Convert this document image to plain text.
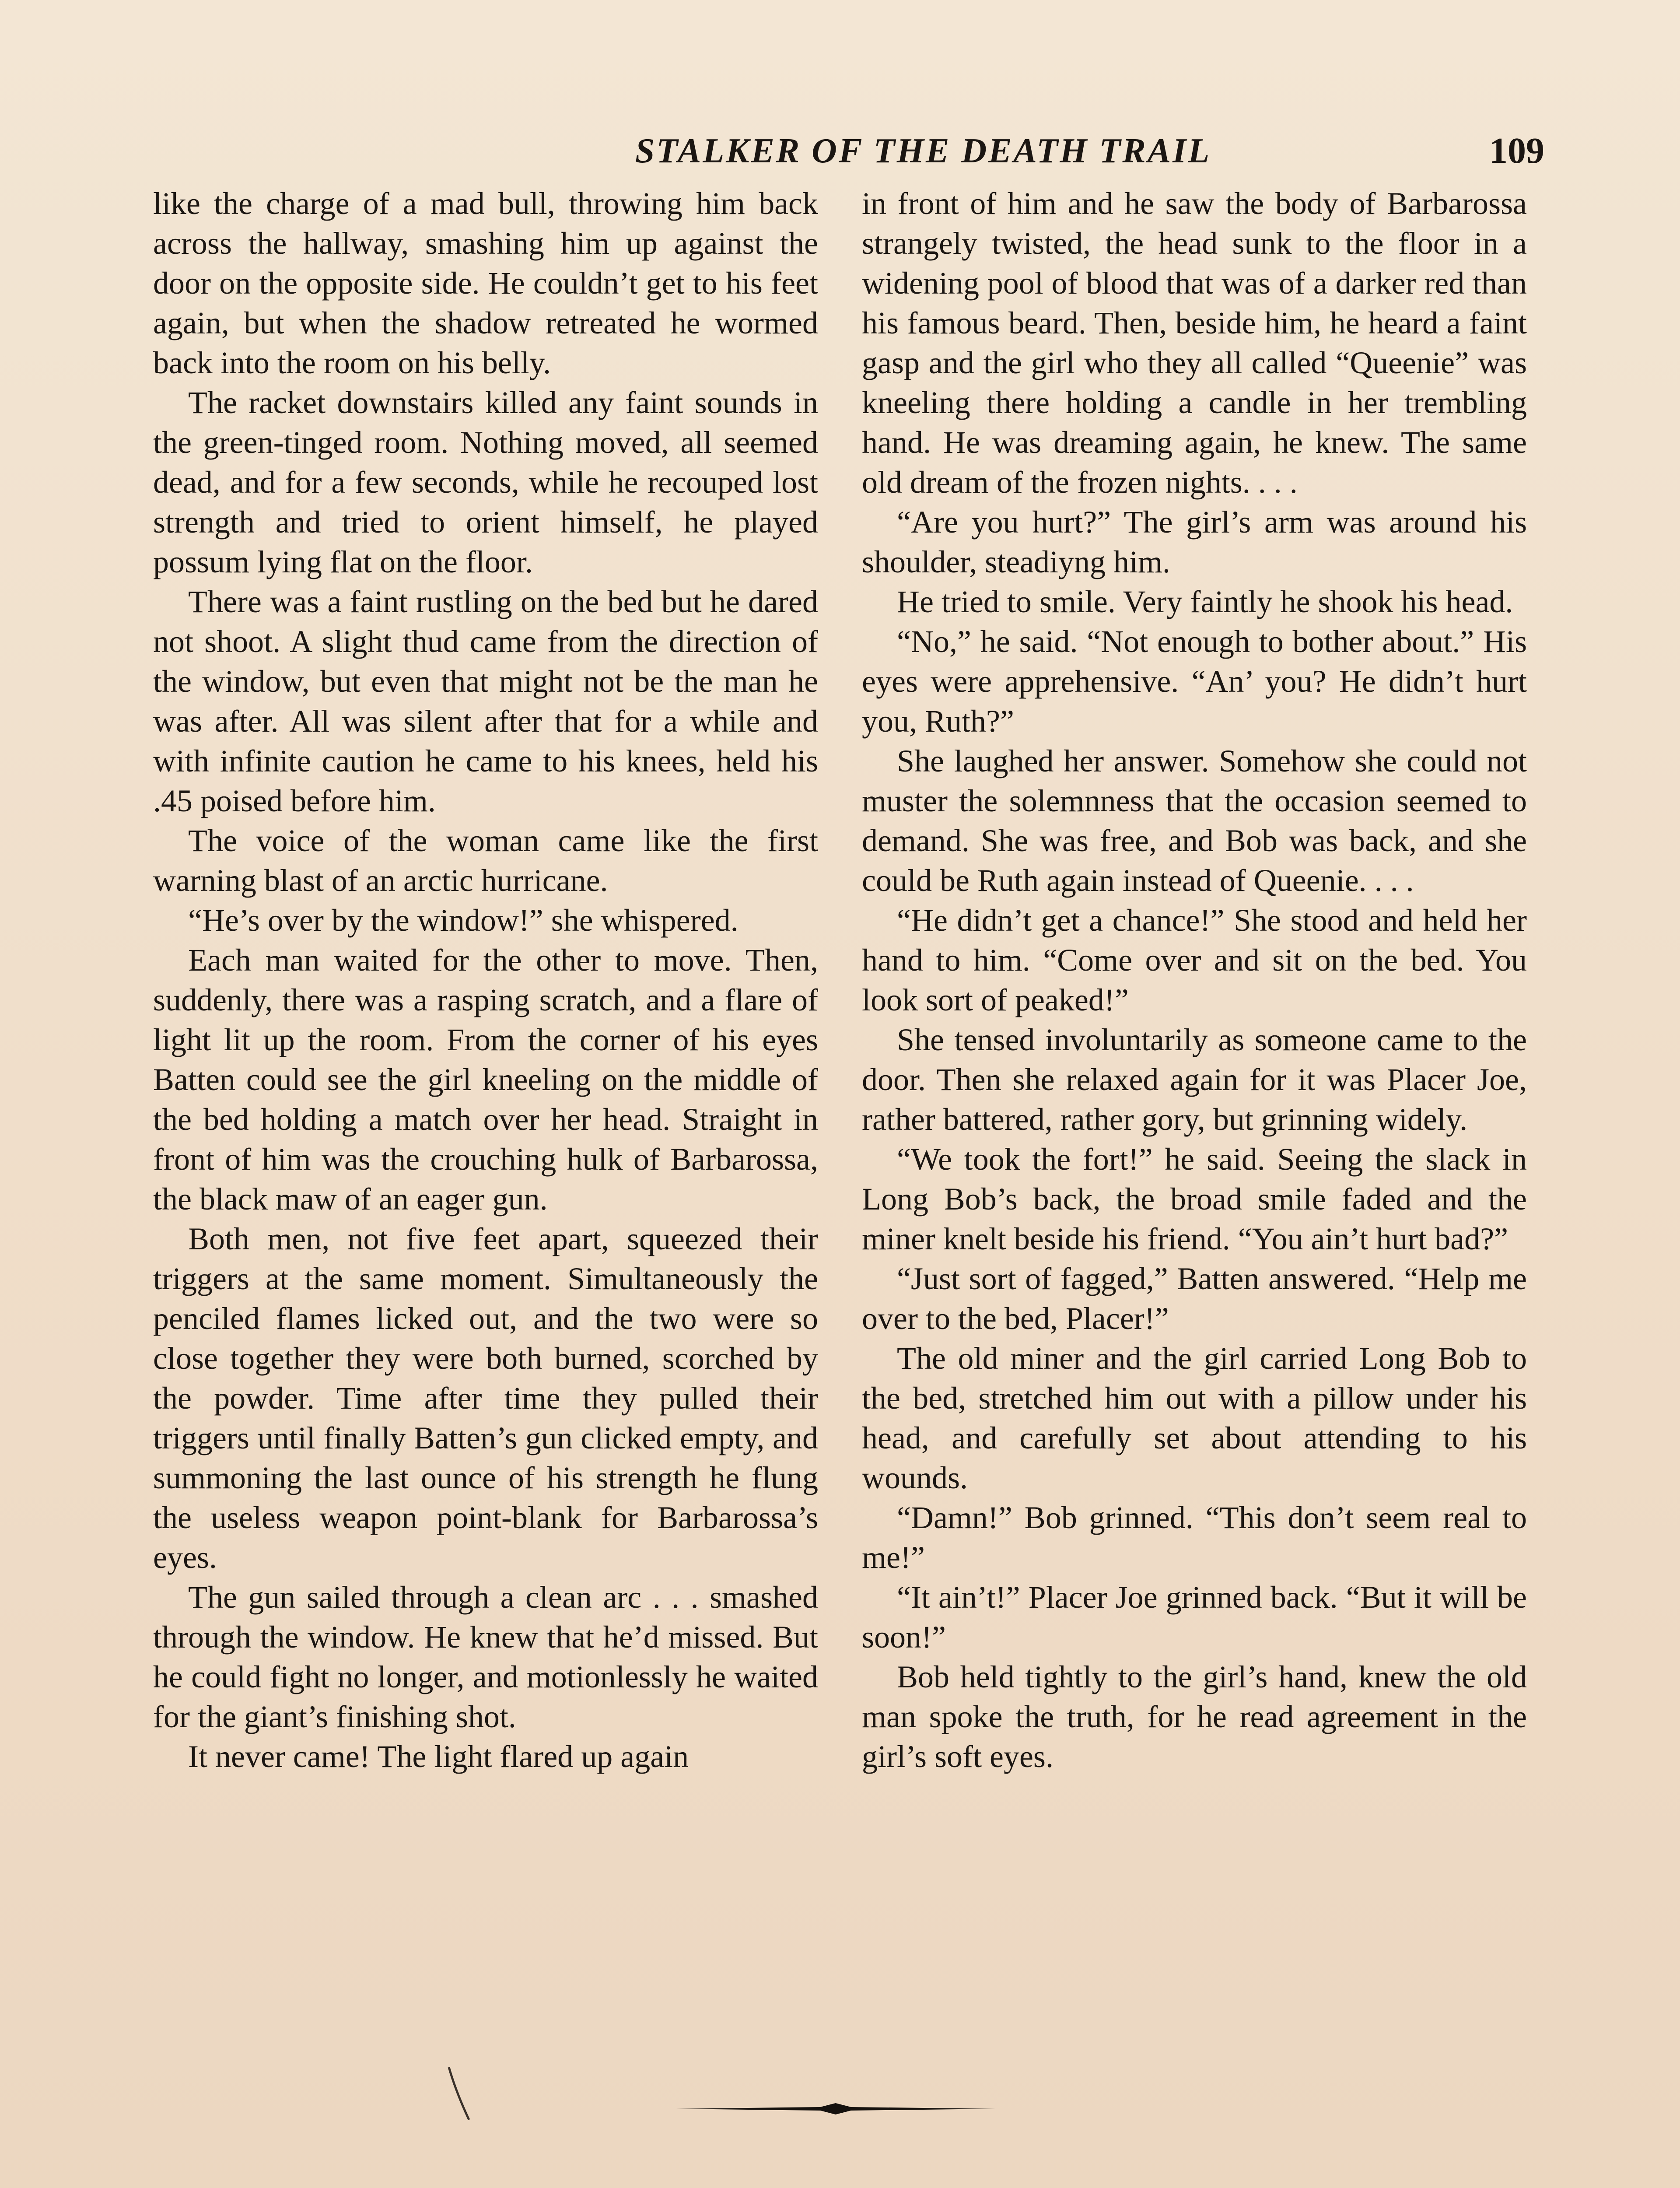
STALKER OF THE DEATH TRAIL	109

like the charge of a mad bull, throwing him back across the hallway, smashing him up against the door on the opposite side. He couldn’t get to his feet again, but when the shadow retreated he wormed back into the room on his belly.

The racket downstairs killed any faint sounds in the green-tinged room. Nothing moved, all seemed dead, and for a few seconds, while he recouped lost strength and tried to orient himself, he played possum lying flat on the floor.

There was a faint rustling on the bed but he dared not shoot. A slight thud came from the direction of the window, but even that might not be the man he was after. All was silent after that for a while and with infinite caution he came to his knees, held his .45 poised before him.

The voice of the woman came like the first warning blast of an arctic hurricane.

“He’s over by the window!” she whispered.

Each man waited for the other to move. Then, suddenly, there was a rasping scratch, and a flare of light lit up the room. From the corner of his eyes Batten could see the girl kneeling on the middle of the bed holding a match over her head. Straight in front of him was the crouching hulk of Barbarossa, the black maw of an eager gun.

Both men, not five feet apart, squeezed their triggers at the same moment. Simultaneously the penciled flames licked out, and the two were so close together they were both burned, scorched by the powder. Time after time they pulled their triggers until finally Batten’s gun clicked empty, and summoning the last ounce of his strength he flung the useless weapon point-blank for Barbarossa’s eyes.

The gun sailed through a clean arc . . . smashed through the window. He knew that he’d missed. But he could fight no longer, and motionlessly he waited for the giant’s finishing shot.

It never came! The light flared up again

in front of him and he saw the body of Barbarossa strangely twisted, the head sunk to the floor in a widening pool of blood that was of a darker red than his famous beard. Then, beside him, he heard a faint gasp and the girl who they all called “Queenie” was kneeling there holding a candle in her trembling hand. He was dreaming again, he knew. The same old dream of the frozen nights. . . .

“Are you hurt?” The girl’s arm was around his shoulder, steadiyng him.

He tried to smile. Very faintly he shook his head.

“No,” he said. “Not enough to bother about.” His eyes were apprehensive. “An’ you? He didn’t hurt you, Ruth?”

She laughed her answer. Somehow she could not muster the solemnness that the occasion seemed to demand. She was free, and Bob was back, and she could be Ruth again instead of Queenie. . . .

“He didn’t get a chance!” She stood and held her hand to him. “Come over and sit on the bed. You look sort of peaked!”

She tensed involuntarily as someone came to the door. Then she relaxed again for it was Placer Joe, rather battered, rather gory, but grinning widely.

“We took the fort!” he said. Seeing the slack in Long Bob’s back, the broad smile faded and the miner knelt beside his friend. “You ain’t hurt bad?”

“Just sort of fagged,” Batten answered. “Help me over to the bed, Placer!”

The old miner and the girl carried Long Bob to the bed, stretched him out with a pillow under his head, and carefully set about attending to his wounds.

“Damn!” Bob grinned. “This don’t seem real to me!”

“It ain’t!” Placer Joe grinned back. “But it will be soon!”

Bob held tightly to the girl’s hand, knew the old man spoke the truth, for he read agreement in the girl’s soft eyes.
